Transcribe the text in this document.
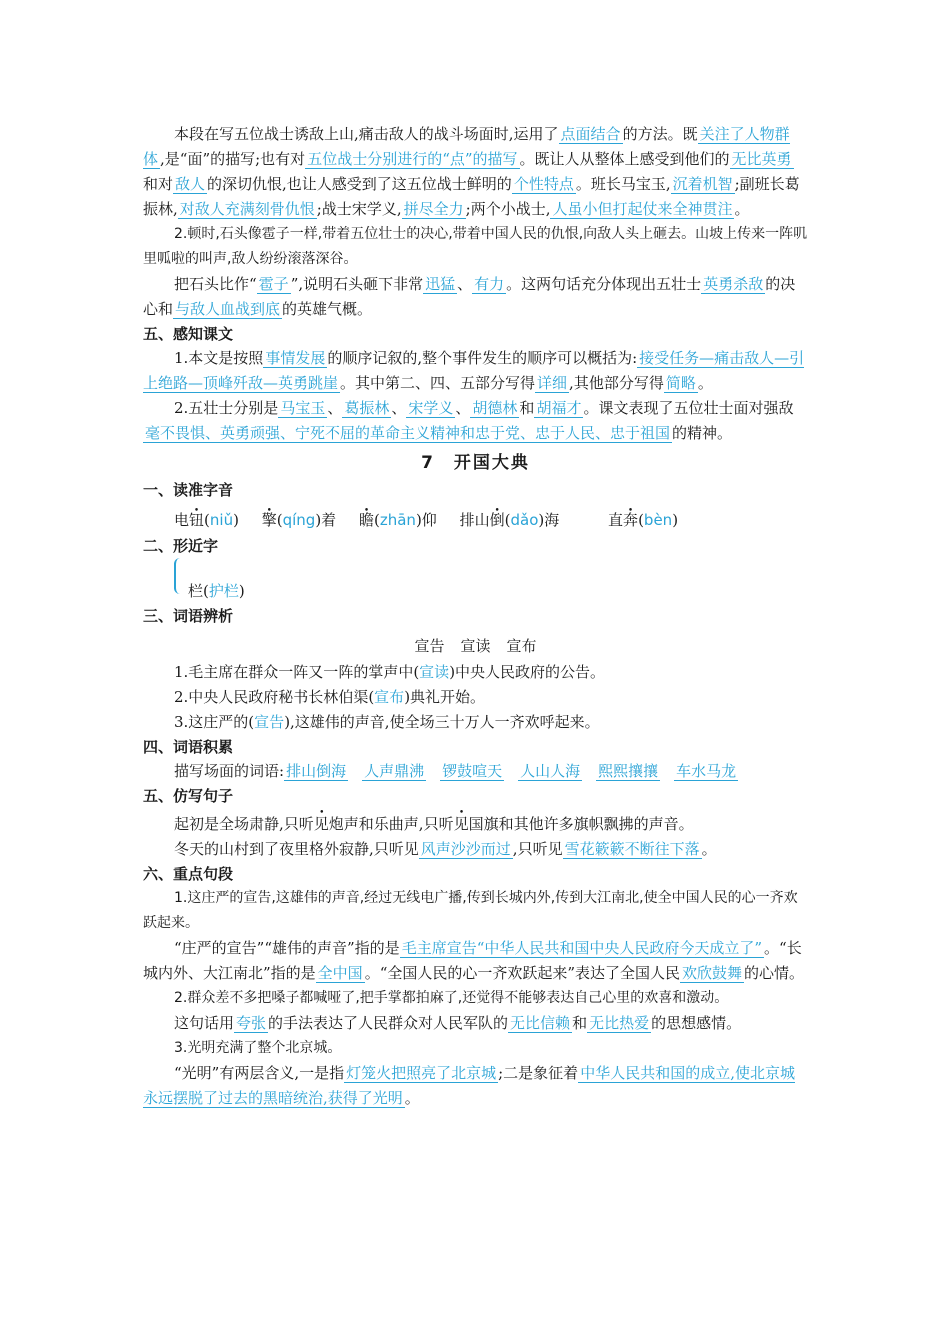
本段在写五位战士诱敌上山,痛击敌人的战斗场面时,运用了 点面结合 的方法。既 关注了人物群体 ,是“面”的描写;也有对 五位战士分别进行的“点”的描写 。既让人从整体上感受到他们的 无比英勇和对 敌人 的深切仇恨,也让人感受到了这五位战士鲜明的 个性特点 。班长马宝玉, 沉着机智 ;副班长葛振林, 对敌人充满刻骨仇恨 ;战士宋学义, 拼尽全力 ;两个小战士, 人虽小但打起仗来全神贯注 。

2.顿时,石头像雹子一样,带着五位壮士的决心,带着中国人民的仇恨,向敌人头上砸去。山坡上传来一阵叽里呱啦的叫声,敌人纷纷滚落深谷。

把石头比作“ 雹子 ”,说明石头砸下非常 迅猛 、 有力 。这两句话充分体现出五壮士 英勇杀敌 的决心和 与敌人血战到底 的英雄气概。

五、感知课文

1.本文是按照 事情发展 的顺序记叙的,整个事件发生的顺序可以概括为: 接受任务—痛击敌人—引上绝路—顶峰歼敌—英勇跳崖 。其中第二、四、五部分写得 详细 ,其他部分写得 简略 。

2.五壮士分别是 马宝玉 、 葛振林 、 宋学义 、 胡德林 和 胡福才 。课文表现了五位壮士面对强敌毫不畏惧、英勇顽强、宁死不屈的革命主义精神和忠于党、忠于人民、忠于祖国 的精神。

7　开国大典

一、读准字音

电钮(niǔ) 擎(qíng)着 瞻(zhān)仰 排山倒(dǎo)海	直奔(bèn)

二、形近字

栏(护栏)

三、词语辨析

宣告 宣读 宣布

1.毛主席在群众一阵又一阵的掌声中(宣读)中央人民政府的公告。

2.中央人民政府秘书长林伯渠(宣布)典礼开始。

3.这庄严的(宣告),这雄伟的声音,使全场三十万人一齐欢呼起来。

四、词语积累

描写场面的词语: 排山倒海 人声鼎沸 锣鼓喧天 人山人海 熙熙攘攘 车水马龙

五、仿写句子

起初是全场肃静,只听见炮声和乐曲声,只听见国旗和其他许多旗帜飘拂的声音。

冬天的山村到了夜里格外寂静,只听见 风声沙沙而过 ,只听见 雪花簌簌不断往下落 。

六、重点句段

1.这庄严的宣告,这雄伟的声音,经过无线电广播,传到长城内外,传到大江南北,使全中国人民的心一齐欢跃起来。

“庄严的宣告”“雄伟的声音”指的是 毛主席宣告“中华人民共和国中央人民政府今天成立了” 。“长城内外、大江南北”指的是 全中国 。“全国人民的心一齐欢跃起来”表达了全国人民 欢欣鼓舞 的心情。

2.群众差不多把嗓子都喊哑了,把手掌都拍麻了,还觉得不能够表达自己心里的欢喜和激动。

这句话用 夸张 的手法表达了人民群众对人民军队的 无比信赖 和 无比热爱 的思想感情。

3.光明充满了整个北京城。

“光明”有两层含义,一是指 灯笼火把照亮了北京城 ;二是象征着 中华人民共和国的成立,使北京城永远摆脱了过去的黑暗统治,获得了光明 。
